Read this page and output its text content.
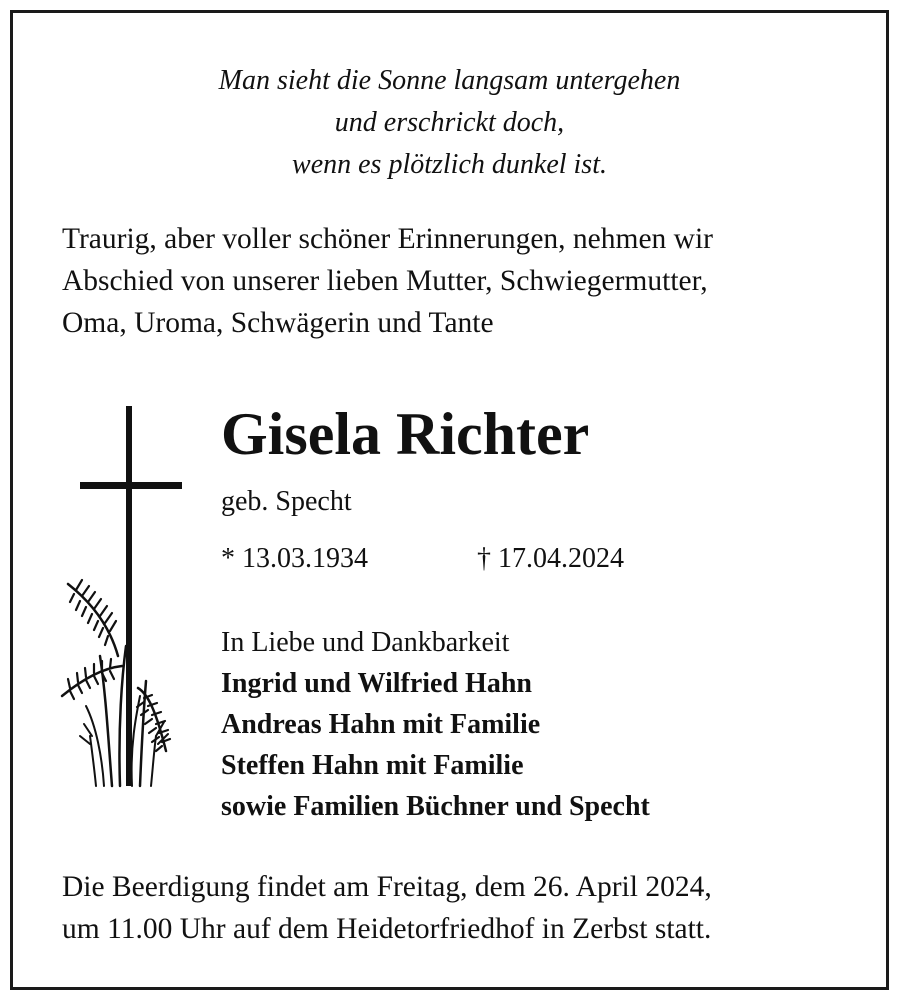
Man sieht die Sonne langsam untergehen
und erschrickt doch,
wenn es plötzlich dunkel ist.
Traurig, aber voller schöner Erinnerungen, nehmen wir
Abschied von unserer lieben Mutter, Schwiegermutter,
Oma, Uroma, Schwägerin und Tante
Gisela Richter
geb. Specht
* 13.03.1934	† 17.04.2024
In Liebe und Dankbarkeit
Ingrid und Wilfried Hahn
Andreas Hahn mit Familie
Steffen Hahn mit Familie
sowie Familien Büchner und Specht
Die Beerdigung findet am Freitag, dem 26. April 2024,
um 11.00 Uhr auf dem Heidetorfriedhof in Zerbst statt.
